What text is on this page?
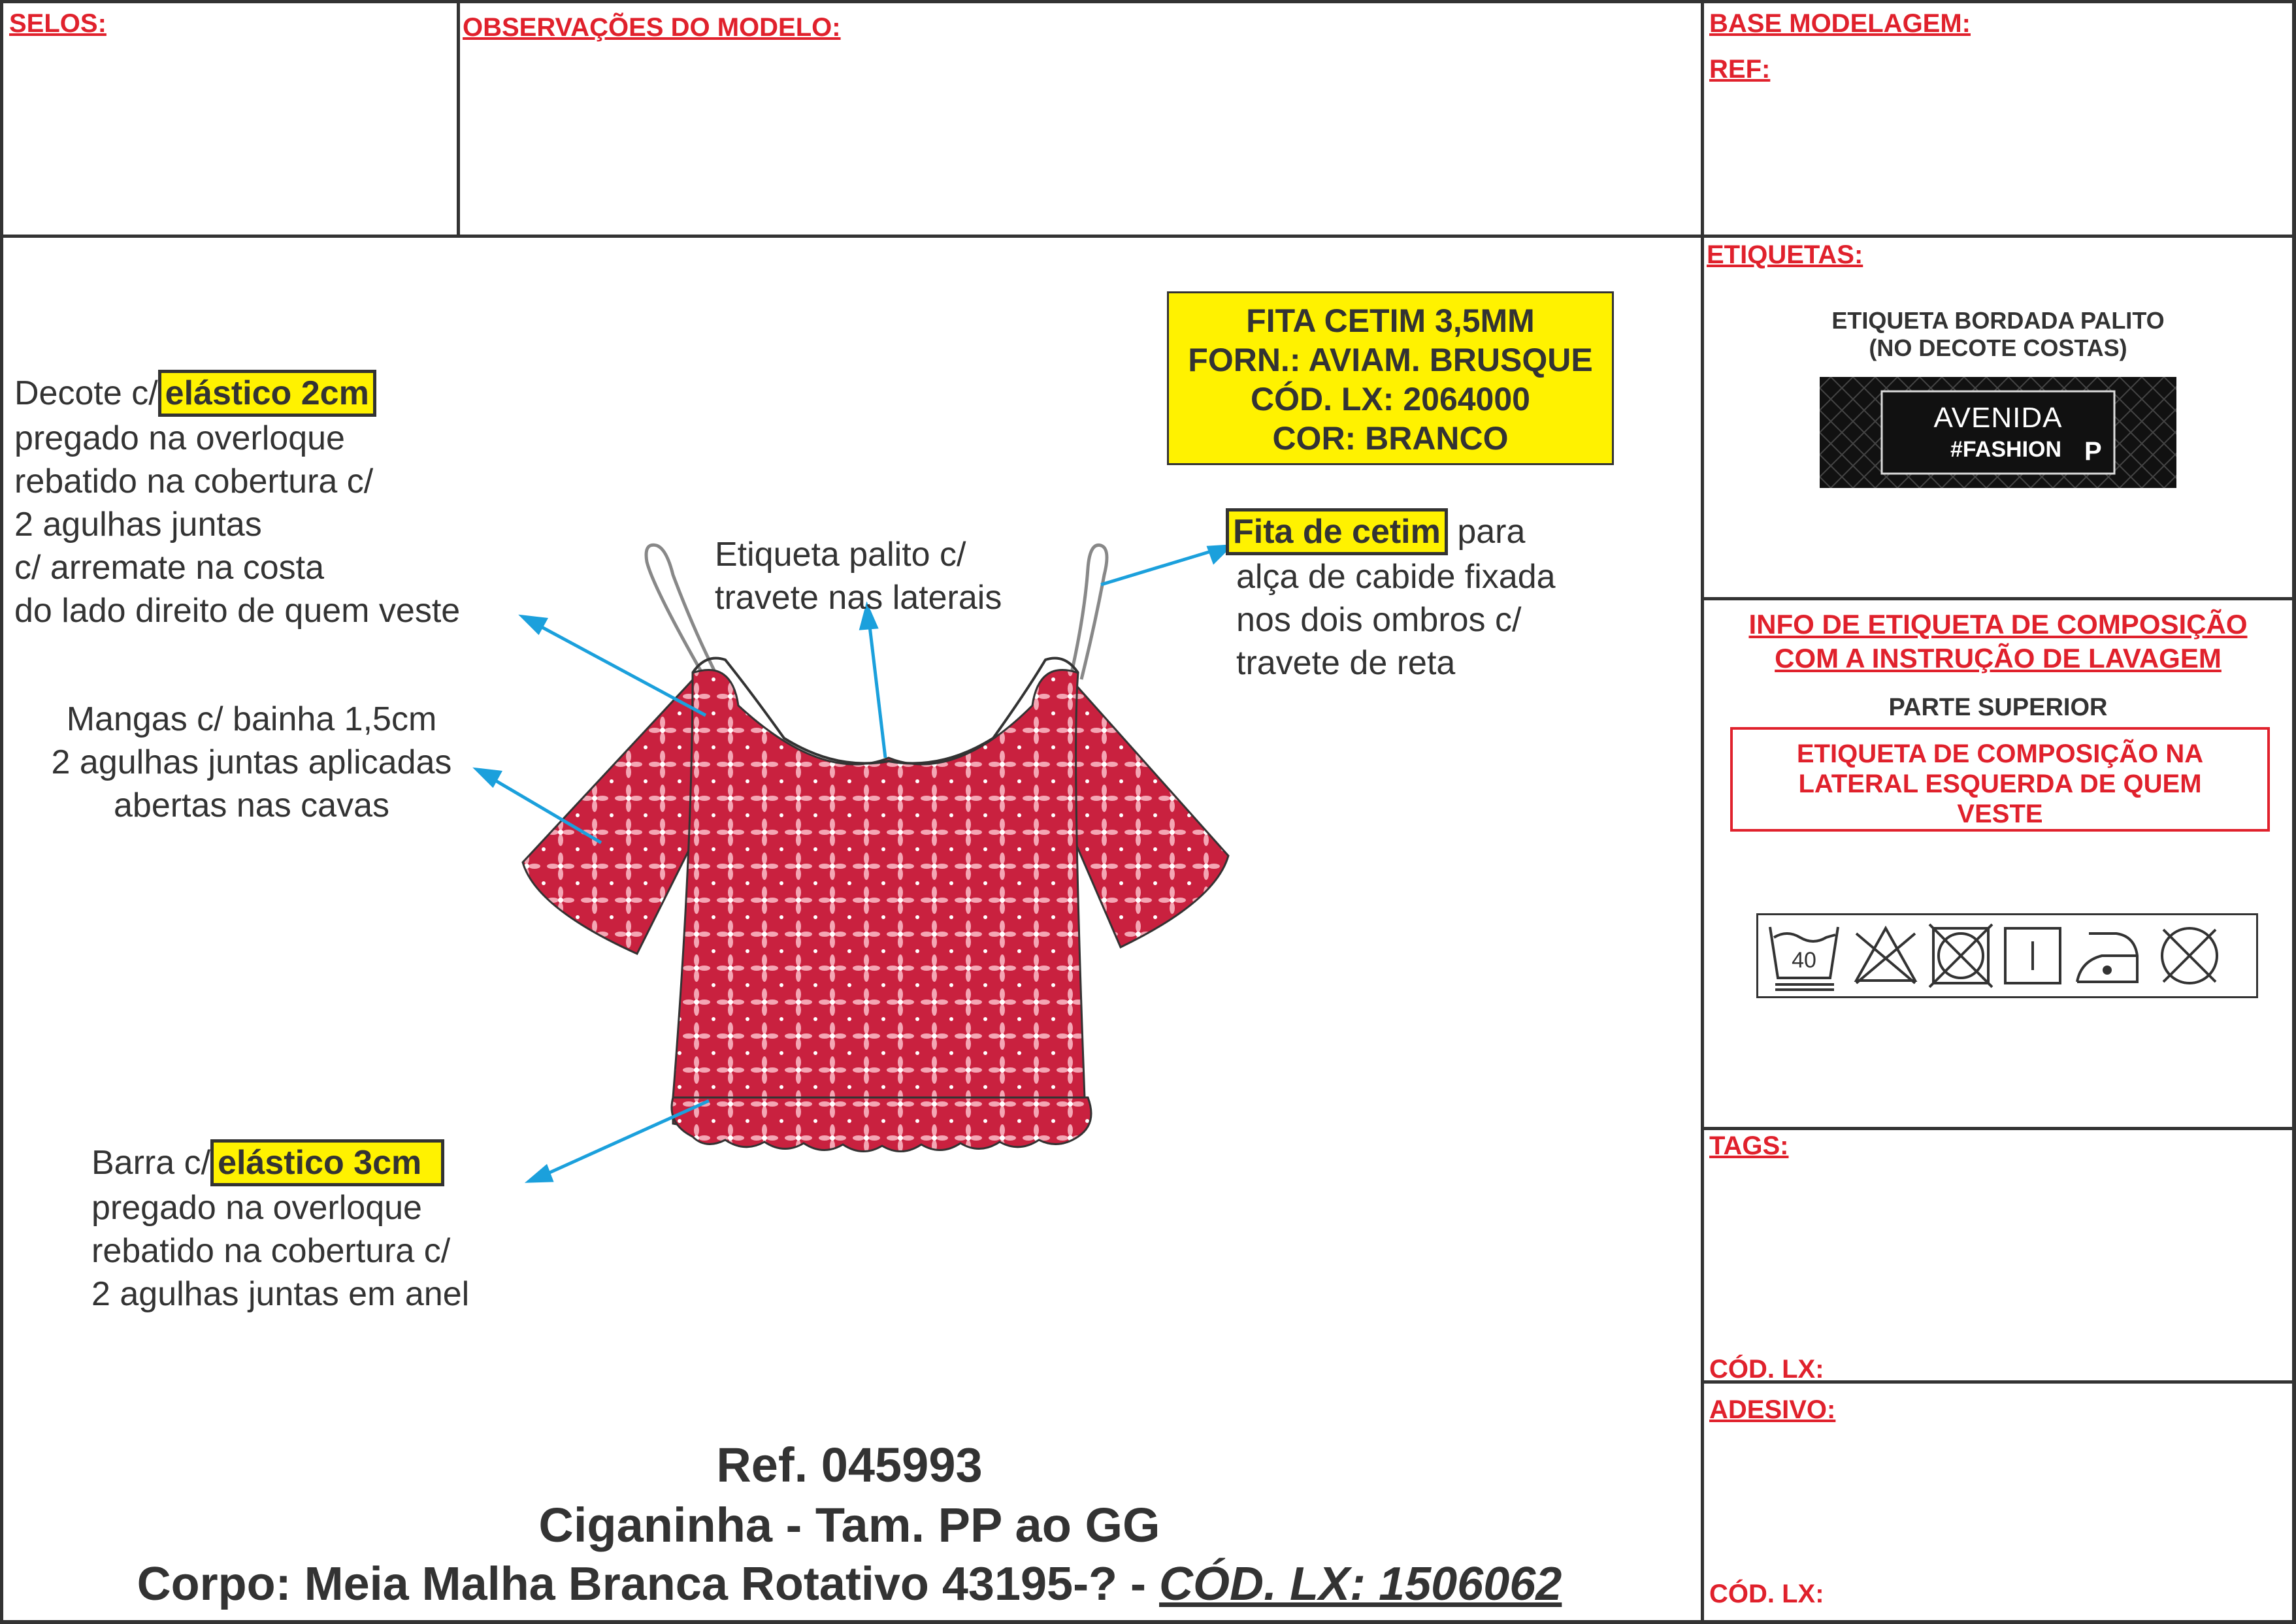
SELOS:	OBSERVAÇÕES DO MODELO:	BASE MODELAGEM:
REF:
ETIQUETAS:
ETIQUETA BORDADA PALITO
(NO DECOTE COSTAS)
AVENIDA
#FASHION P
INFO DE ETIQUETA DE COMPOSIÇÃO
COM A INSTRUÇÃO DE LAVAGEM
PARTE SUPERIOR
ETIQUETA DE COMPOSIÇÃO NA
LATERAL ESQUERDA DE QUEM
VESTE
40
TAGS:
CÓD. LX:
ADESIVO:
CÓD. LX:
Decote c/ elástico 2cm
pregado na overloque
rebatido na cobertura c/
2 agulhas juntas
c/ arremate na costa
do lado direito de quem veste
Mangas c/ bainha 1,5cm
2 agulhas juntas aplicadas
abertas nas cavas
Etiqueta palito c/
travete nas laterais
FITA CETIM 3,5MM
FORN.: AVIAM. BRUSQUE
CÓD. LX: 2064000
COR: BRANCO
Fita de cetim para
alça de cabide fixada
nos dois ombros c/
travete de reta
Barra c/ elástico 3cm
pregado na overloque
rebatido na cobertura c/
2 agulhas juntas em anel
Ref. 045993
Ciganinha - Tam. PP ao GG
Corpo: Meia Malha Branca Rotativo 43195-? - CÓD. LX: 1506062
